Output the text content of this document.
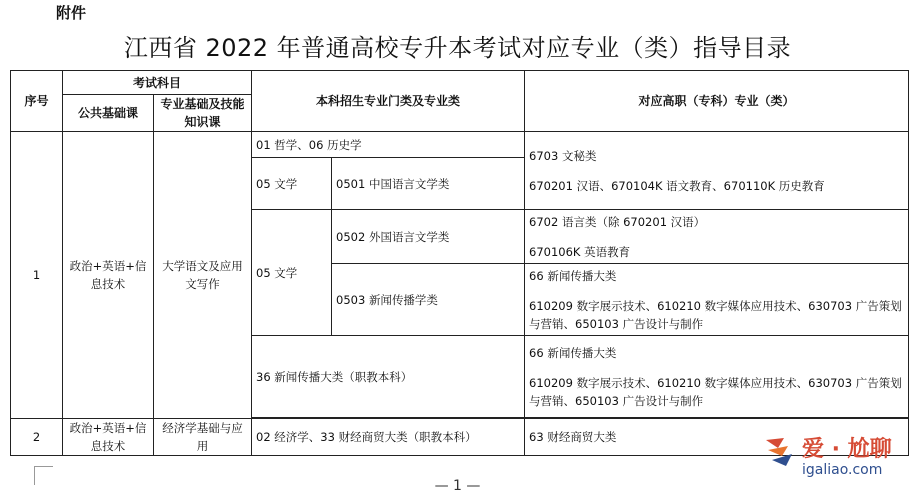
附件
江西省 2022 年普通高校专升本考试对应专业（类）指导目录
序号	考试科目		本科招生专业门类及专业类		对应高职（专科）专业（类）
	公共基础课	专业基础及技能知识课			
1	政治+英语+信息技术	大学语文及应用文写作	01 哲学、06 历史学		6703 文秘类
670201 汉语、670104K 语文教育、670110K 历史教育

			05 文学	0501 中国语言文学类	
			05 文学	0502 外国语言文学类	6702 语言类（除 670201 汉语）
670106K 英语教育

				0503 新闻传播学类	66 新闻传播大类
610209 数字展示技术、610210 数字媒体应用技术、630703 广告策划与营销、650103 广告设计与制作

			36 新闻传播大类（职教本科）		66 新闻传播大类
610209 数字展示技术、610210 数字媒体应用技术、630703 广告策划与营销、650103 广告设计与制作

2	政治+英语+信息技术	经济学基础与应用	02 经济学、33 财经商贸大类（职教本科）		63 财经商贸大类
— 1 —
爱 · 尬聊
igaliao.com
